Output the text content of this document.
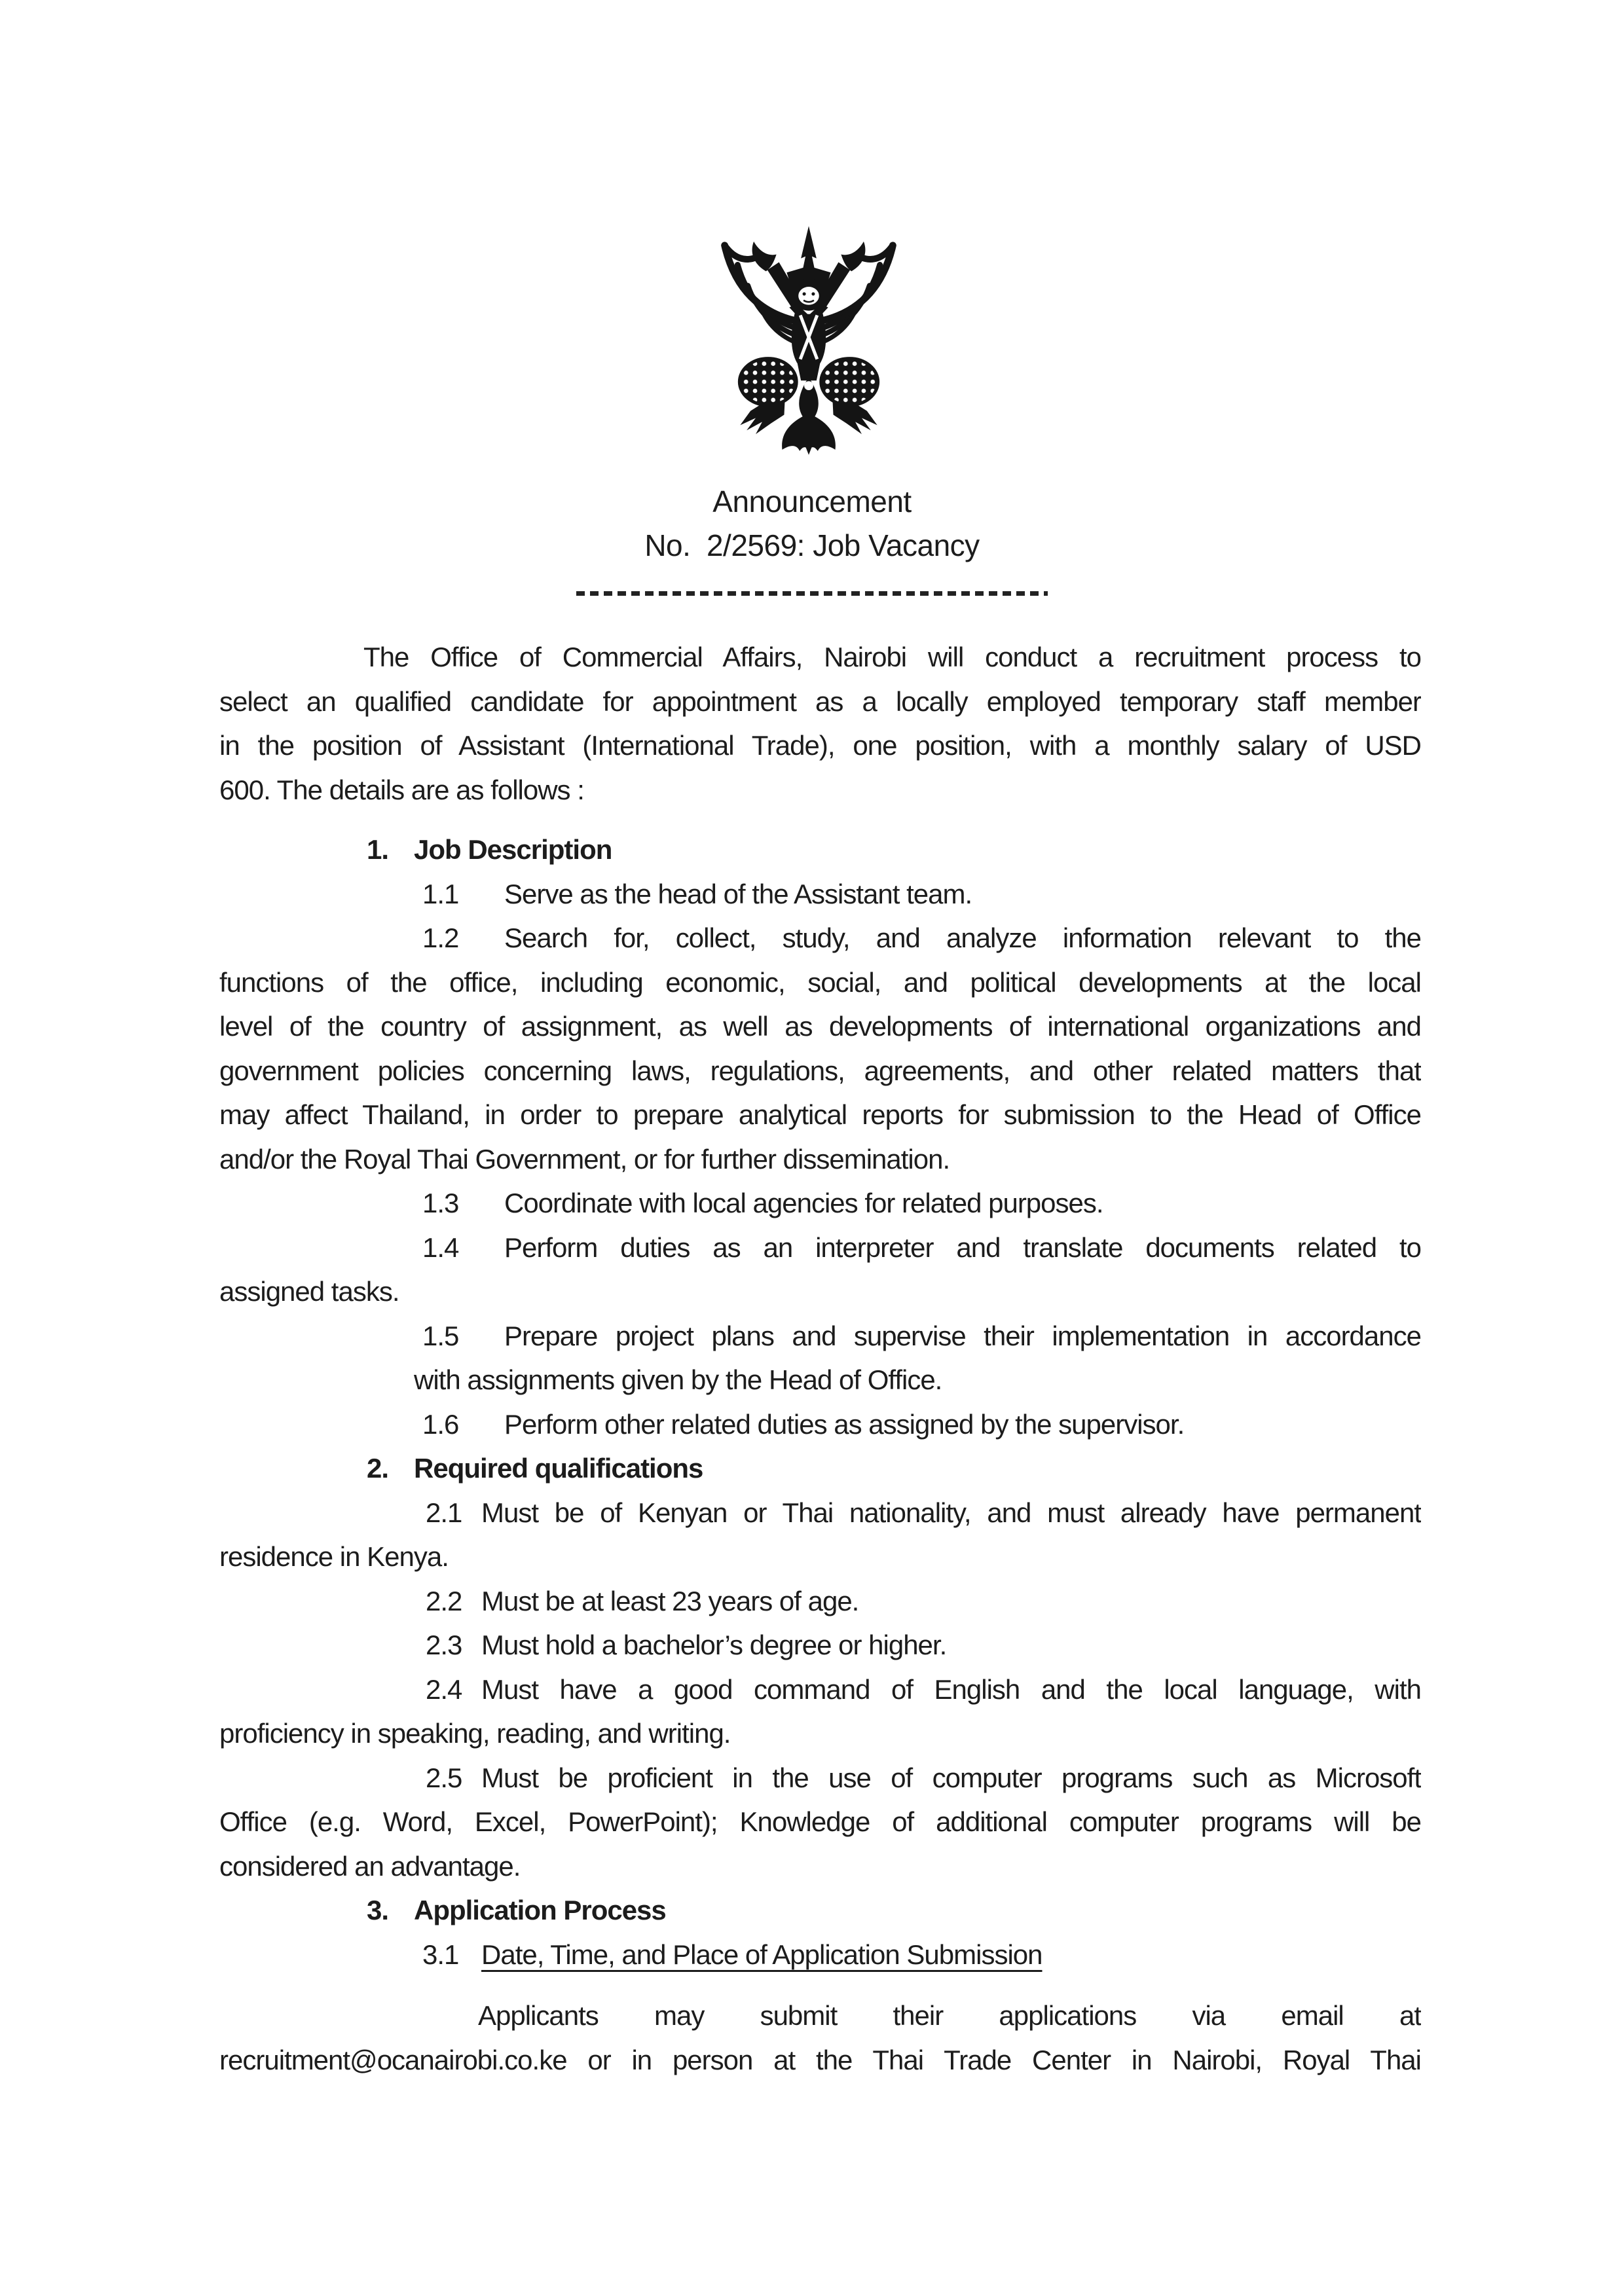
Announcement
No.  2/2569: Job Vacancy
The Office of Commercial Affairs, Nairobi will conduct a recruitment process to
select an qualified candidate for appointment as a locally employed temporary staff member
in the position of Assistant (International Trade), one position, with a monthly salary of USD
600. The details are as follows :
1. Job Description
1.1	Serve as the head of the Assistant team.
1.2	Search for, collect, study, and analyze information relevant to the
functions of the office, including economic, social, and political developments at the local
level of the country of assignment, as well as developments of international organizations and
government policies concerning laws, regulations, agreements, and other related matters that
may affect Thailand, in order to prepare analytical reports for submission to the Head of Office
and/or the Royal Thai Government, or for further dissemination.
1.3	Coordinate with local agencies for related purposes.
1.4	Perform duties as an interpreter and translate documents related to
assigned tasks.
1.5	Prepare project plans and supervise their implementation in accordance
with assignments given by the Head of Office.
1.6	Perform other related duties as assigned by the supervisor.
2. Required qualifications
2.1 Must be of Kenyan or Thai nationality, and must already have permanent
residence in Kenya.
2.2 Must be at least 23 years of age.
2.3 Must hold a bachelor’s degree or higher.
2.4 Must have a good command of English and the local language, with
proficiency in speaking, reading, and writing.
2.5 Must be proficient in the use of computer programs such as Microsoft
Office (e.g. Word, Excel, PowerPoint); Knowledge of additional computer programs will be
considered an advantage.
3. Application Process
3.1 Date, Time, and Place of Application Submission
Applicants may submit their applications via email at
recruitment@ocanairobi.co.ke or in person at the Thai Trade Center in Nairobi, Royal Thai
